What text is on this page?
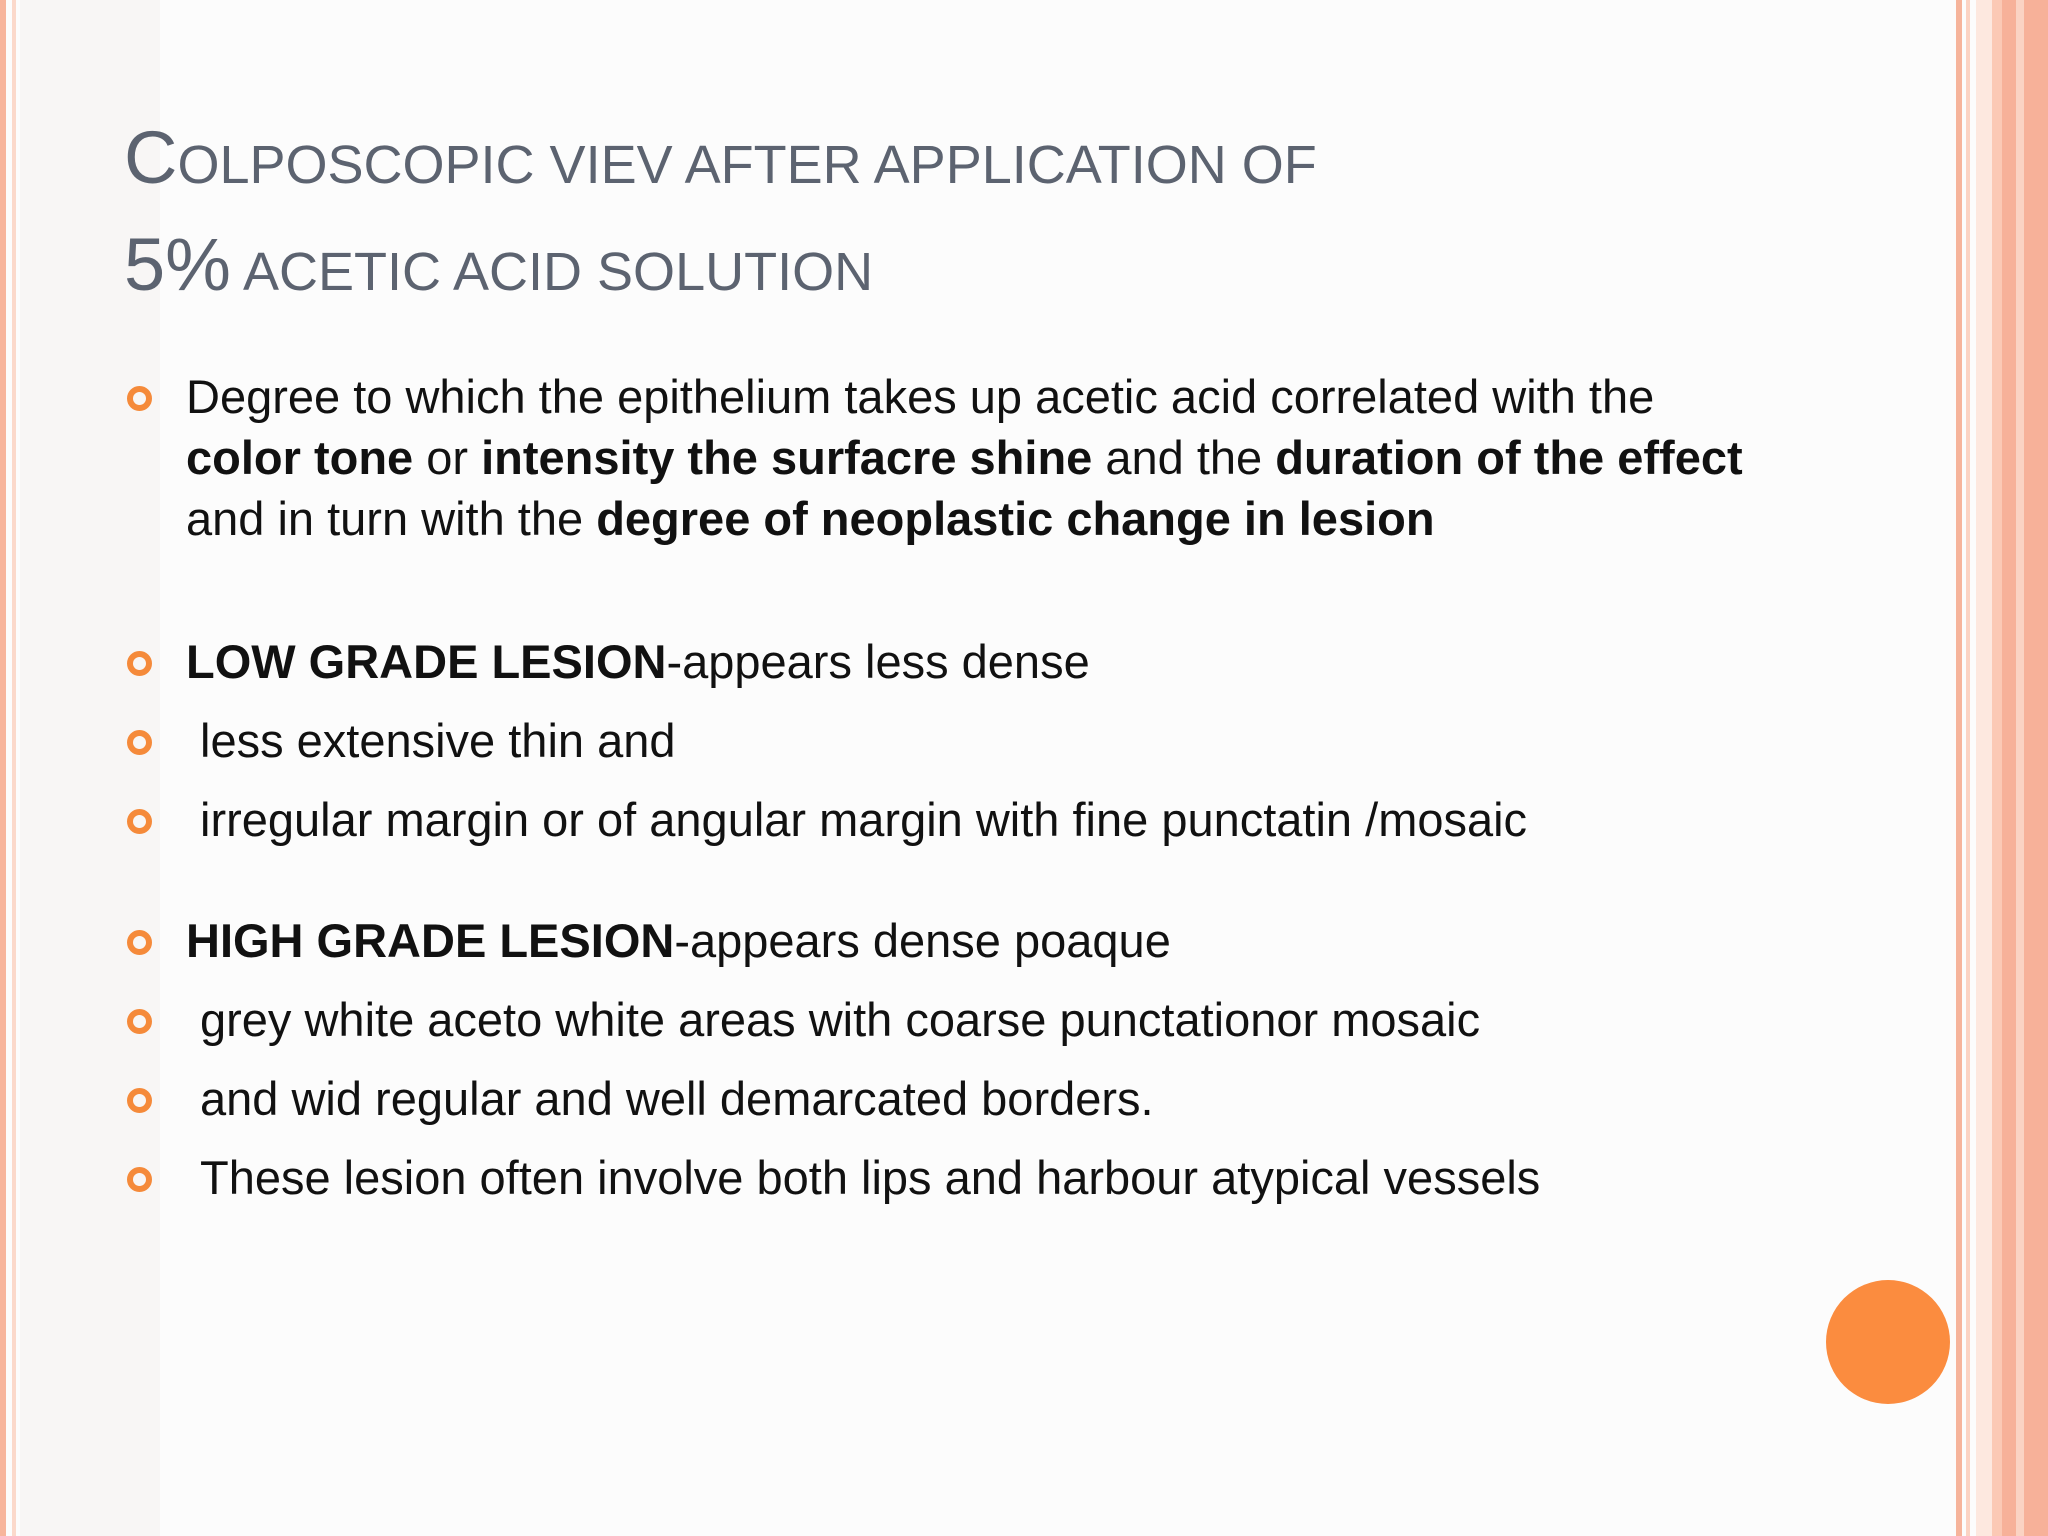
COLPOSCOPIC VIEV AFTER APPLICATION OF
5% ACETIC ACID SOLUTION
Degree to which the epithelium takes up acetic acid correlated with the color tone or intensity the surfacre shine and the duration of the effect and in turn with the degree of neoplastic change in lesion
LOW GRADE LESION-appears less dense
less extensive thin and
irregular margin or of angular margin with fine punctatin /mosaic
HIGH GRADE LESION-appears dense poaque
grey white aceto white areas with coarse punctationor mosaic
and wid regular and well demarcated borders.
These lesion often involve both lips and harbour atypical vessels
